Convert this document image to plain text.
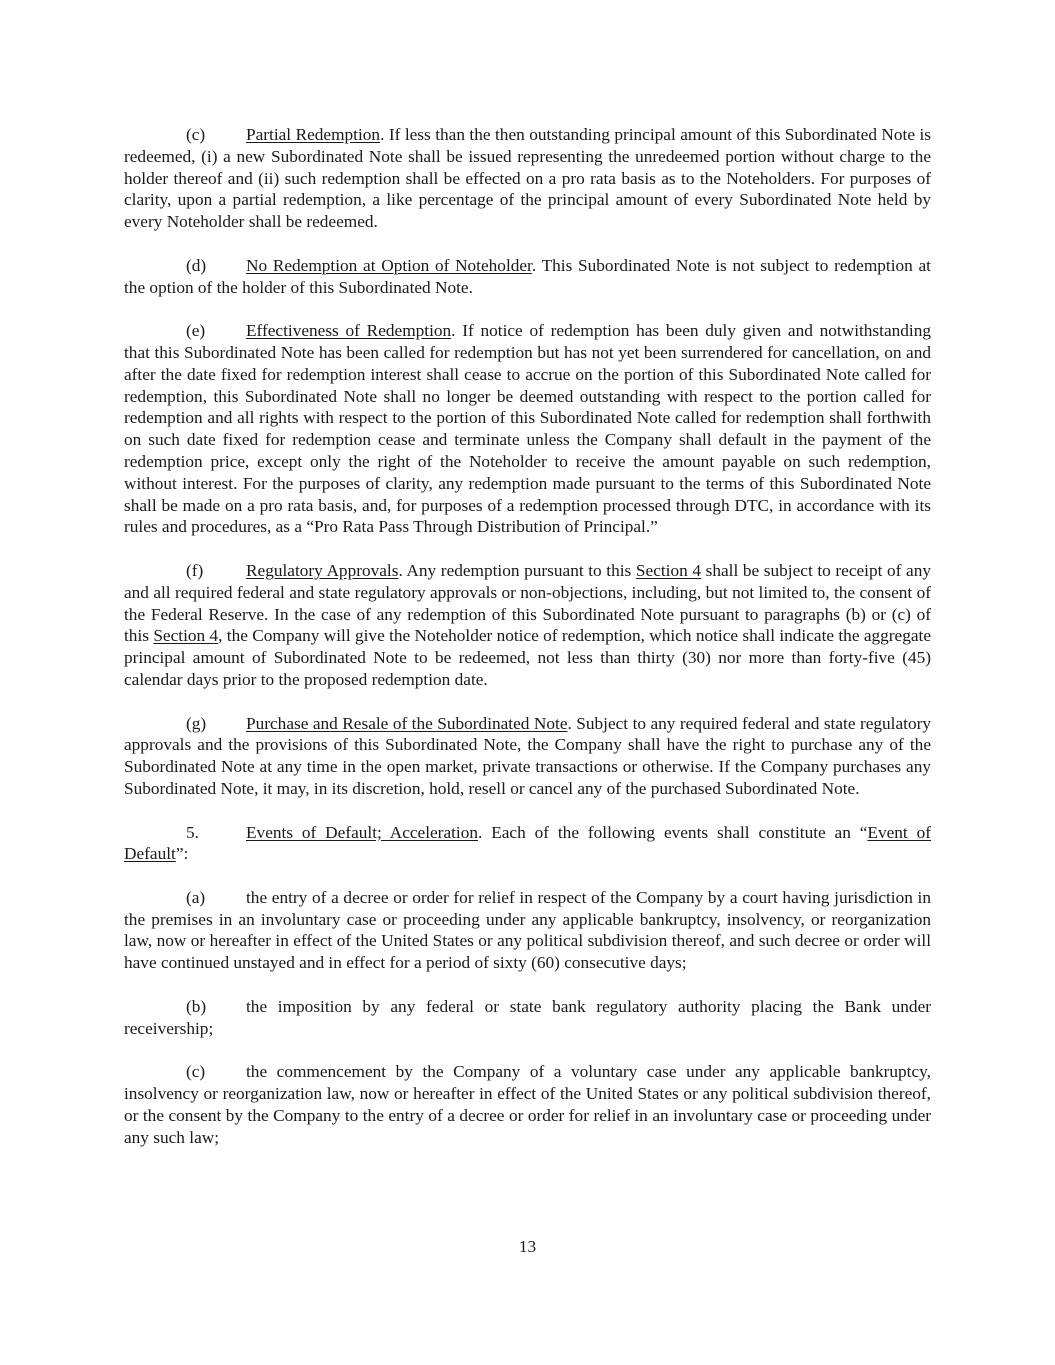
(c) Partial Redemption. If less than the then outstanding principal amount of this Subordinated Note is redeemed, (i) a new Subordinated Note shall be issued representing the unredeemed portion without charge to the holder thereof and (ii) such redemption shall be effected on a pro rata basis as to the Noteholders. For purposes of clarity, upon a partial redemption, a like percentage of the principal amount of every Subordinated Note held by every Noteholder shall be redeemed.

(d) No Redemption at Option of Noteholder. This Subordinated Note is not subject to redemption at the option of the holder of this Subordinated Note.

(e) Effectiveness of Redemption. If notice of redemption has been duly given and notwithstanding that this Subordinated Note has been called for redemption but has not yet been surrendered for cancellation, on and after the date fixed for redemption interest shall cease to accrue on the portion of this Subordinated Note called for redemption, this Subordinated Note shall no longer be deemed outstanding with respect to the portion called for redemption and all rights with respect to the portion of this Subordinated Note called for redemption shall forthwith on such date fixed for redemption cease and terminate unless the Company shall default in the payment of the redemption price, except only the right of the Noteholder to receive the amount payable on such redemption, without interest. For the purposes of clarity, any redemption made pursuant to the terms of this Subordinated Note shall be made on a pro rata basis, and, for purposes of a redemption processed through DTC, in accordance with its rules and procedures, as a “Pro Rata Pass Through Distribution of Principal.”

(f) Regulatory Approvals. Any redemption pursuant to this Section 4 shall be subject to receipt of any and all required federal and state regulatory approvals or non-objections, including, but not limited to, the consent of the Federal Reserve. In the case of any redemption of this Subordinated Note pursuant to paragraphs (b) or (c) of this Section 4, the Company will give the Noteholder notice of redemption, which notice shall indicate the aggregate principal amount of Subordinated Note to be redeemed, not less than thirty (30) nor more than forty-five (45) calendar days prior to the proposed redemption date.

(g) Purchase and Resale of the Subordinated Note. Subject to any required federal and state regulatory approvals and the provisions of this Subordinated Note, the Company shall have the right to purchase any of the Subordinated Note at any time in the open market, private transactions or otherwise. If the Company purchases any Subordinated Note, it may, in its discretion, hold, resell or cancel any of the purchased Subordinated Note.

5.	Events of Default; Acceleration. Each of the following events shall constitute an “Event of Default”:

(a) the entry of a decree or order for relief in respect of the Company by a court having jurisdiction in the premises in an involuntary case or proceeding under any applicable bankruptcy, insolvency, or reorganization law, now or hereafter in effect of the United States or any political subdivision thereof, and such decree or order will have continued unstayed and in effect for a period of sixty (60) consecutive days;

(b) the imposition by any federal or state bank regulatory authority placing the Bank under receivership;

(c) the commencement by the Company of a voluntary case under any applicable bankruptcy, insolvency or reorganization law, now or hereafter in effect of the United States or any political subdivision thereof, or the consent by the Company to the entry of a decree or order for relief in an involuntary case or proceeding under any such law;

13
